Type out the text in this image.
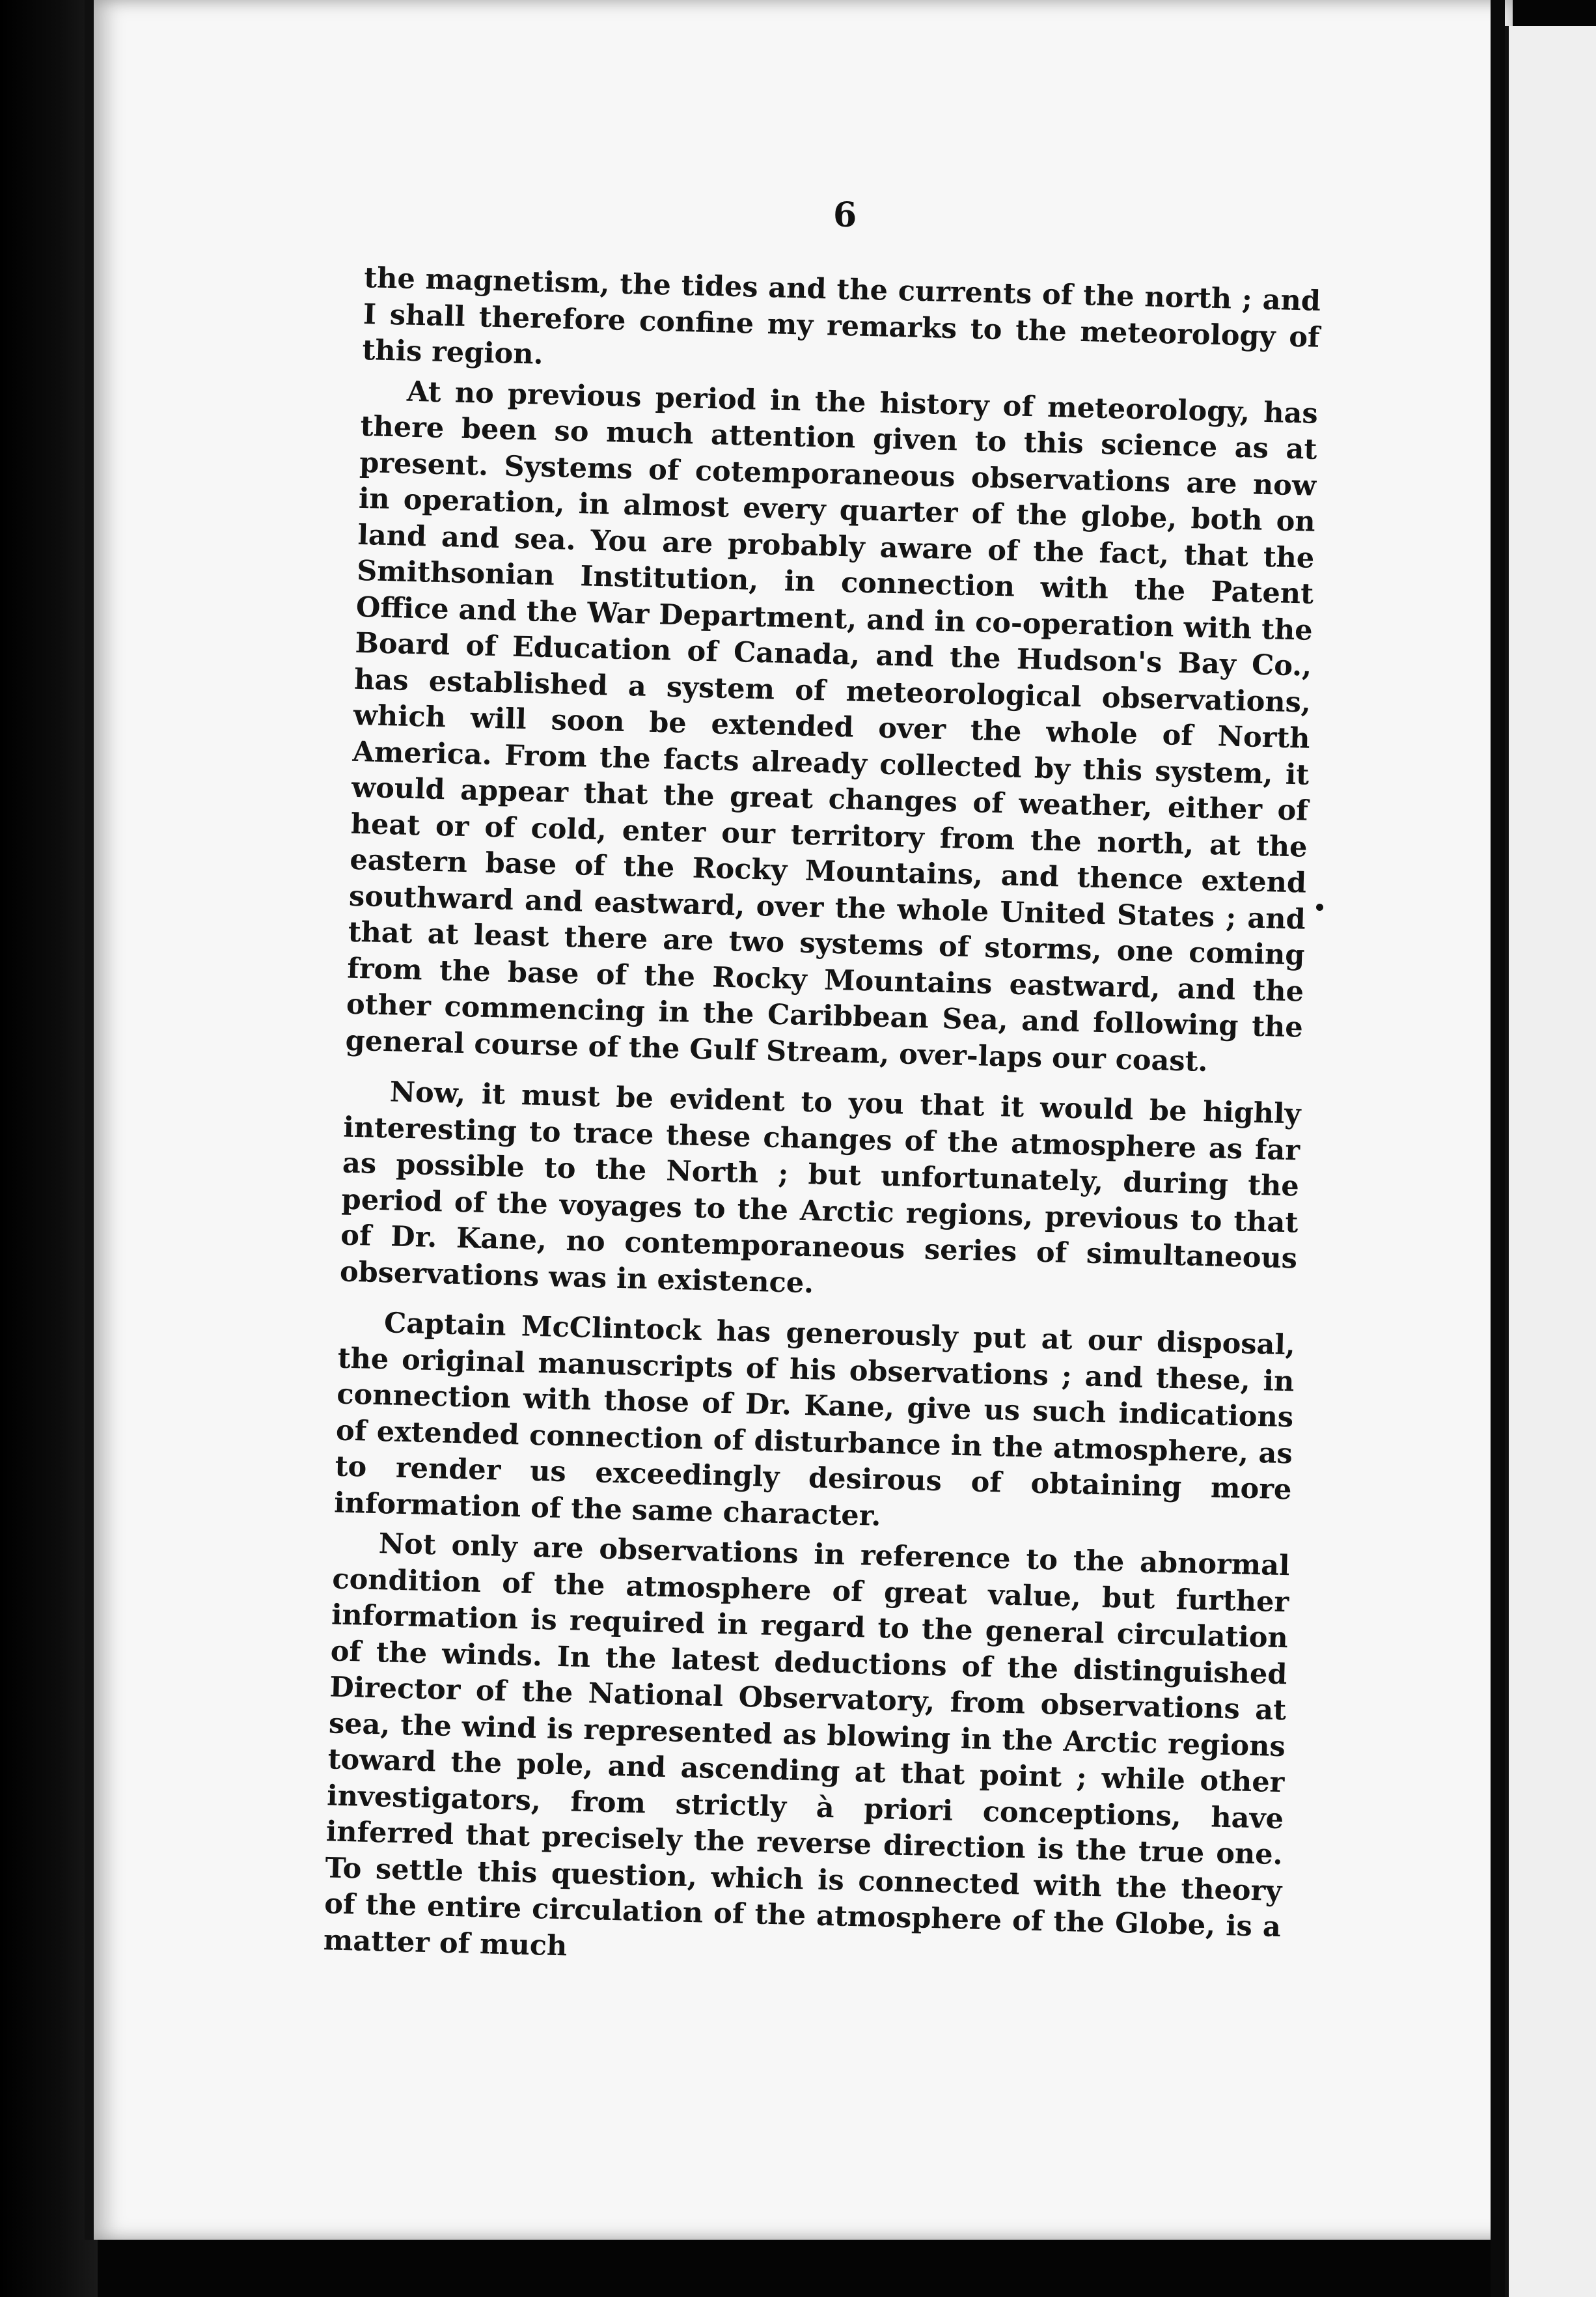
6

the magnetism, the tides and the currents of the north ; and I shall therefore confine my remarks to the meteorology of this region.

At no previous period in the history of meteorology, has there been so much attention given to this science as at present. Systems of cotemporaneous observations are now in operation, in almost every quarter of the globe, both on land and sea. You are probably aware of the fact, that the Smithsonian Institution, in connection with the Patent Office and the War Department, and in co-operation with the Board of Education of Canada, and the Hudson's Bay Co., has established a system of meteorological observations, which will soon be extended over the whole of North America. From the facts already collected by this system, it would appear that the great changes of weather, either of heat or of cold, enter our territory from the north, at the eastern base of the Rocky Mountains, and thence extend southward and eastward, over the whole United States ; and that at least there are two systems of storms, one coming from the base of the Rocky Mountains eastward, and the other commencing in the Caribbean Sea, and following the general course of the Gulf Stream, over-laps our coast.

Now, it must be evident to you that it would be highly interesting to trace these changes of the atmosphere as far as possible to the North ; but unfortunately, during the period of the voyages to the Arctic regions, previous to that of Dr. Kane, no contemporaneous series of simultaneous observations was in existence.

Captain McClintock has generously put at our disposal, the original manuscripts of his observations ; and these, in connection with those of Dr. Kane, give us such indications of extended connection of disturbance in the atmosphere, as to render us exceedingly desirous of obtaining more information of the same character.

Not only are observations in reference to the abnormal condition of the atmosphere of great value, but further information is required in regard to the general circulation of the winds. In the latest deductions of the distinguished Director of the National Observatory, from observations at sea, the wind is represented as blowing in the Arctic regions toward the pole, and ascending at that point ; while other investigators, from strictly à priori conceptions, have inferred that precisely the reverse direction is the true one. To settle this question, which is connected with the theory of the entire circulation of the atmosphere of the Globe, is a matter of much
